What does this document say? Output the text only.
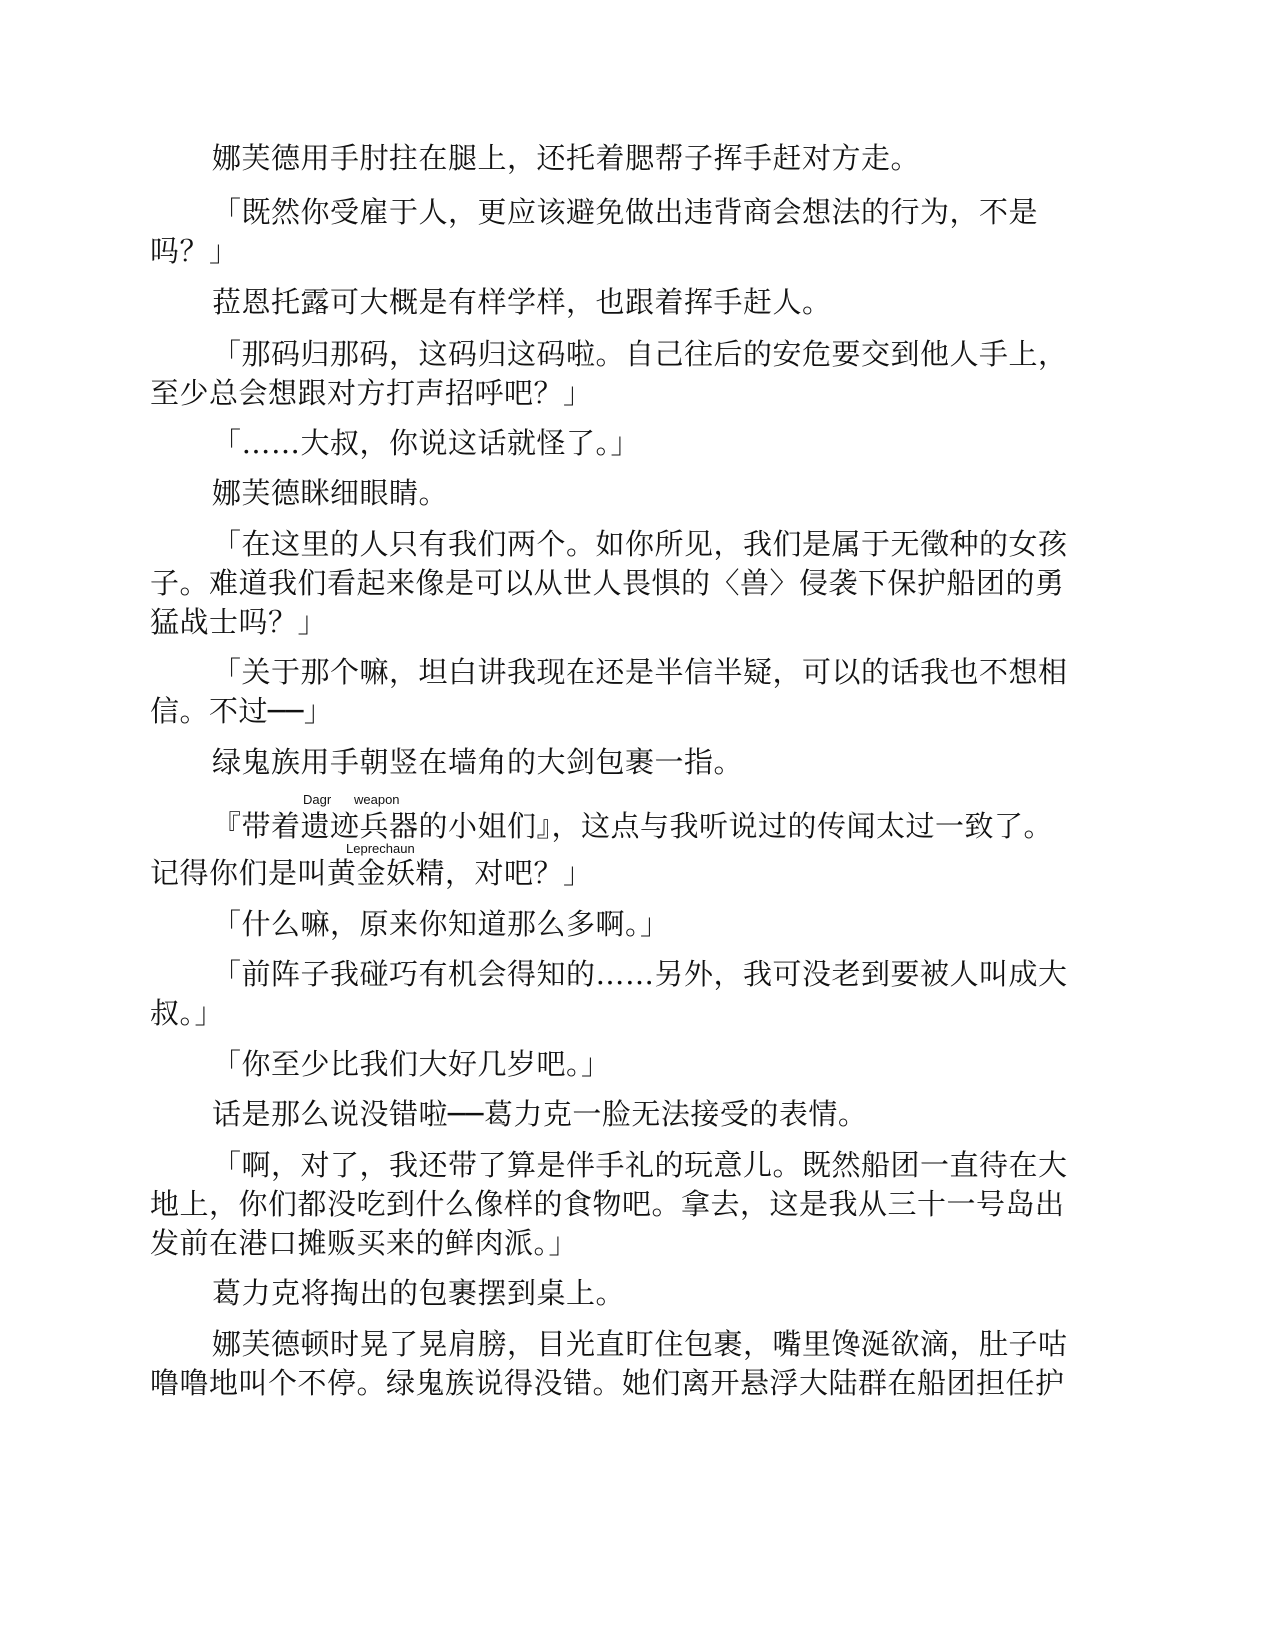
娜芙德用手肘拄在腿上，还托着腮帮子挥手赶对方走。
「既然你受雇于人，更应该避免做出违背商会想法的行为，不是
吗？」
菈恩托露可大概是有样学样，也跟着挥手赶人。
「那码归那码，这码归这码啦。自己往后的安危要交到他人手上，
至少总会想跟对方打声招呼吧？」
「……大叔，你说这话就怪了。」
娜芙德眯细眼睛。
「在这里的人只有我们两个。如你所见，我们是属于无徵种的女孩
子。难道我们看起来像是可以从世人畏惧的〈兽〉侵袭下保护船团的勇
猛战士吗？」
「关于那个嘛，坦白讲我现在还是半信半疑，可以的话我也不想相
信。不过──」
绿鬼族用手朝竖在墙角的大剑包裹一指。
Dagr weapon
『带着遗迹兵器的小姐们』，这点与我听说过的传闻太过一致了。
Leprechaun
记得你们是叫黄金妖精，对吧？」
「什么嘛，原来你知道那么多啊。」
「前阵子我碰巧有机会得知的……另外，我可没老到要被人叫成大
叔。」
「你至少比我们大好几岁吧。」
话是那么说没错啦──葛力克一脸无法接受的表情。
「啊，对了，我还带了算是伴手礼的玩意儿。既然船团一直待在大
地上，你们都没吃到什么像样的食物吧。拿去，这是我从三十一号岛出
发前在港口摊贩买来的鲜肉派。」
葛力克将掏出的包裹摆到桌上。
娜芙德顿时晃了晃肩膀，目光直盯住包裹，嘴里馋涎欲滴，肚子咕
噜噜地叫个不停。绿鬼族说得没错。她们离开悬浮大陆群在船团担任护
